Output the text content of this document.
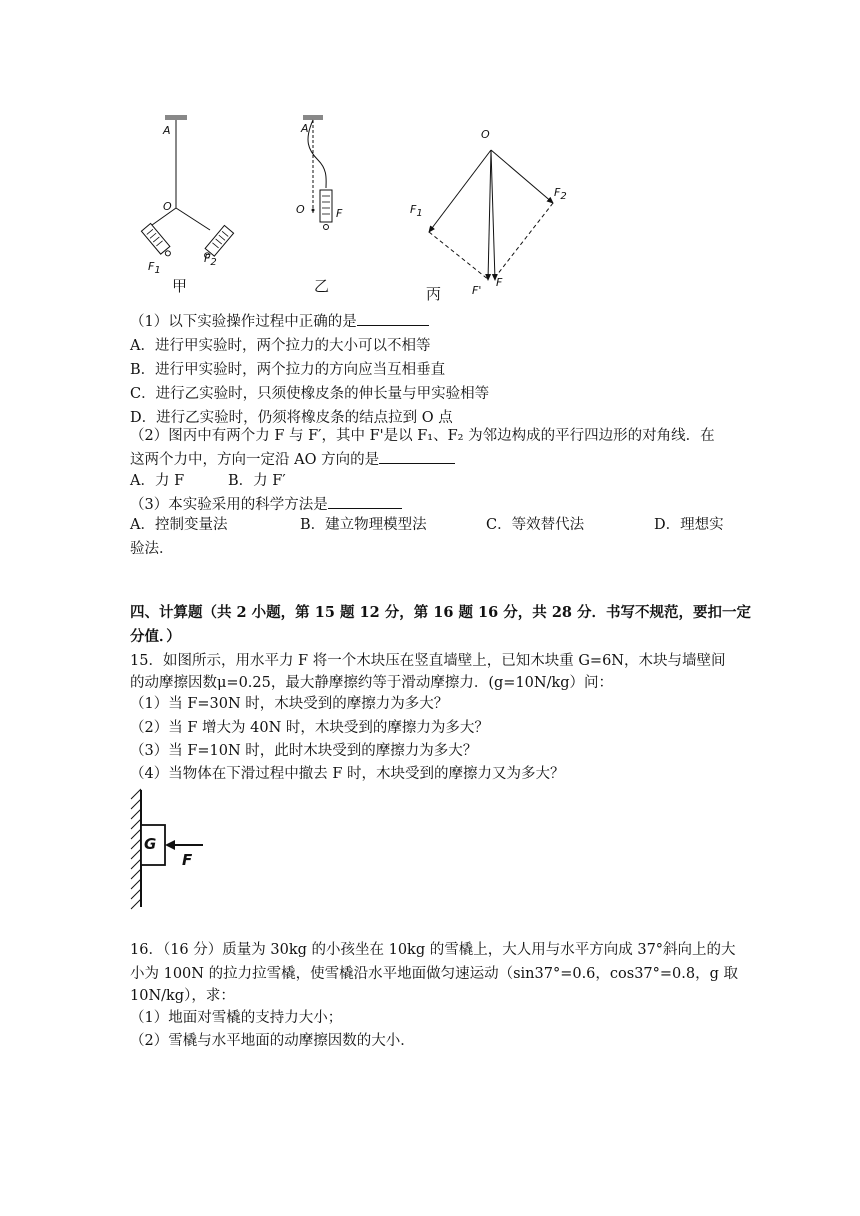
A
O
$F_1$
$F_2$
甲
A
O	F
乙
O
$F_1$
$F_2$
F'
F
丙
（1）以下实验操作过程中正确的是
A．进行甲实验时，两个拉力的大小可以不相等
B．进行甲实验时，两个拉力的方向应当互相垂直
C．进行乙实验时，只须使橡皮条的伸长量与甲实验相等
D．进行乙实验时，仍须将橡皮条的结点拉到 O 点
（2）图丙中有两个力 F 与 F′，其中 F'是以 F₁、F₂ 为邻边构成的平行四边形的对角线．在
这两个力中，方向一定沿 AO 方向的是
A．力 F	B．力 F′
（3）本实验采用的科学方法是
A．控制变量法	B．建立物理模型法	C．等效替代法	D．理想实
验法．
四、计算题（共 2 小题，第 15 题 12 分，第 16 题 16 分，共 28 分．书写不规范，要扣一定
分值．）
15．如图所示，用水平力 F 将一个木块压在竖直墙壁上，已知木块重 G=6N，木块与墙壁间
的动摩擦因数μ=0.25，最大静摩擦约等于滑动摩擦力．(g=10N/kg）问：
（1）当 F=30N 时，木块受到的摩擦力为多大？
（2）当 F 增大为 40N 时，木块受到的摩擦力为多大？
（3）当 F=10N 时，此时木块受到的摩擦力为多大？
（4）当物体在下滑过程中撤去 F 时，木块受到的摩擦力又为多大？
G
F
16．（16 分）质量为 30kg 的小孩坐在 10kg 的雪橇上，大人用与水平方向成 37°斜向上的大
小为 100N 的拉力拉雪橇，使雪橇沿水平地面做匀速运动（sin37°=0.6，cos37°=0.8，g 取
10N/kg），求：
（1）地面对雪橇的支持力大小；
（2）雪橇与水平地面的动摩擦因数的大小．
